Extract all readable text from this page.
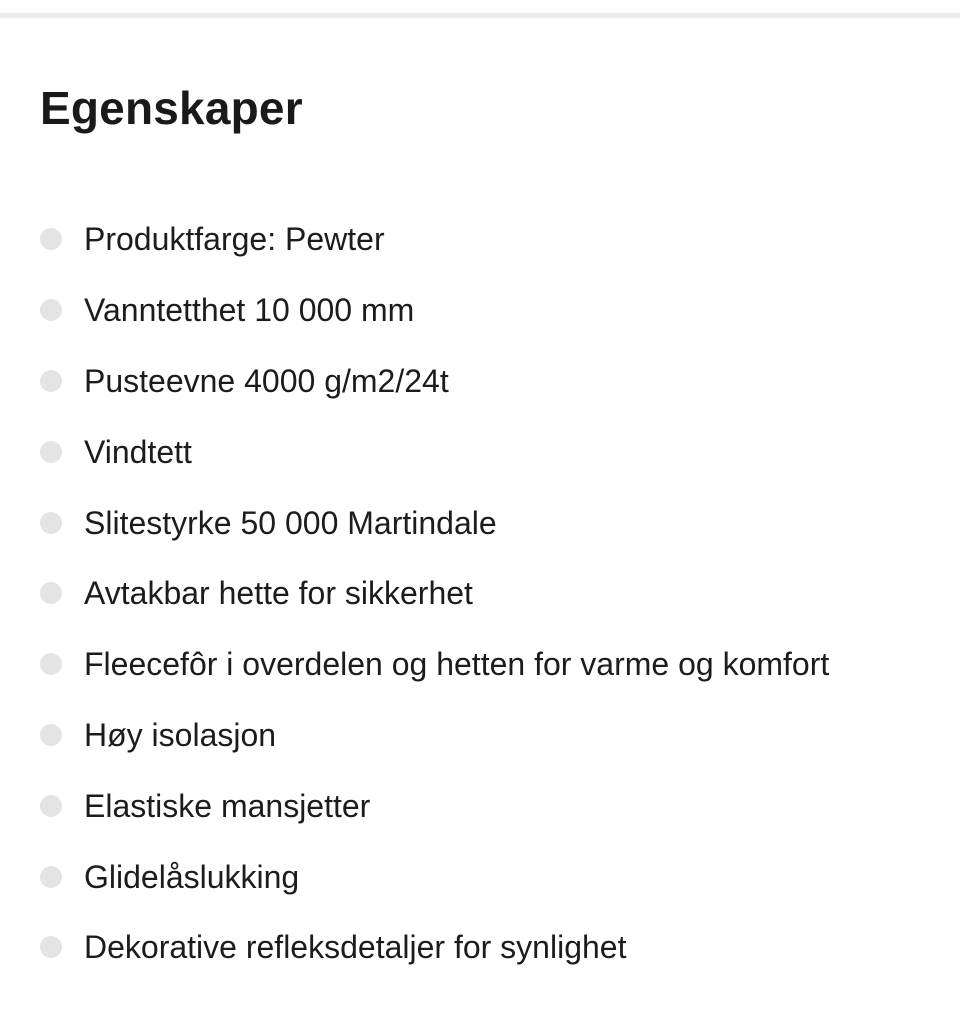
Egenskaper
Produktfarge: Pewter
Vanntetthet 10 000 mm
Pusteevne 4000 g/m2/24t
Vindtett
Slitestyrke 50 000 Martindale
Avtakbar hette for sikkerhet
Fleecefôr i overdelen og hetten for varme og komfort
Høy isolasjon
Elastiske mansjetter
Glidelåslukking
Dekorative refleksdetaljer for synlighet
